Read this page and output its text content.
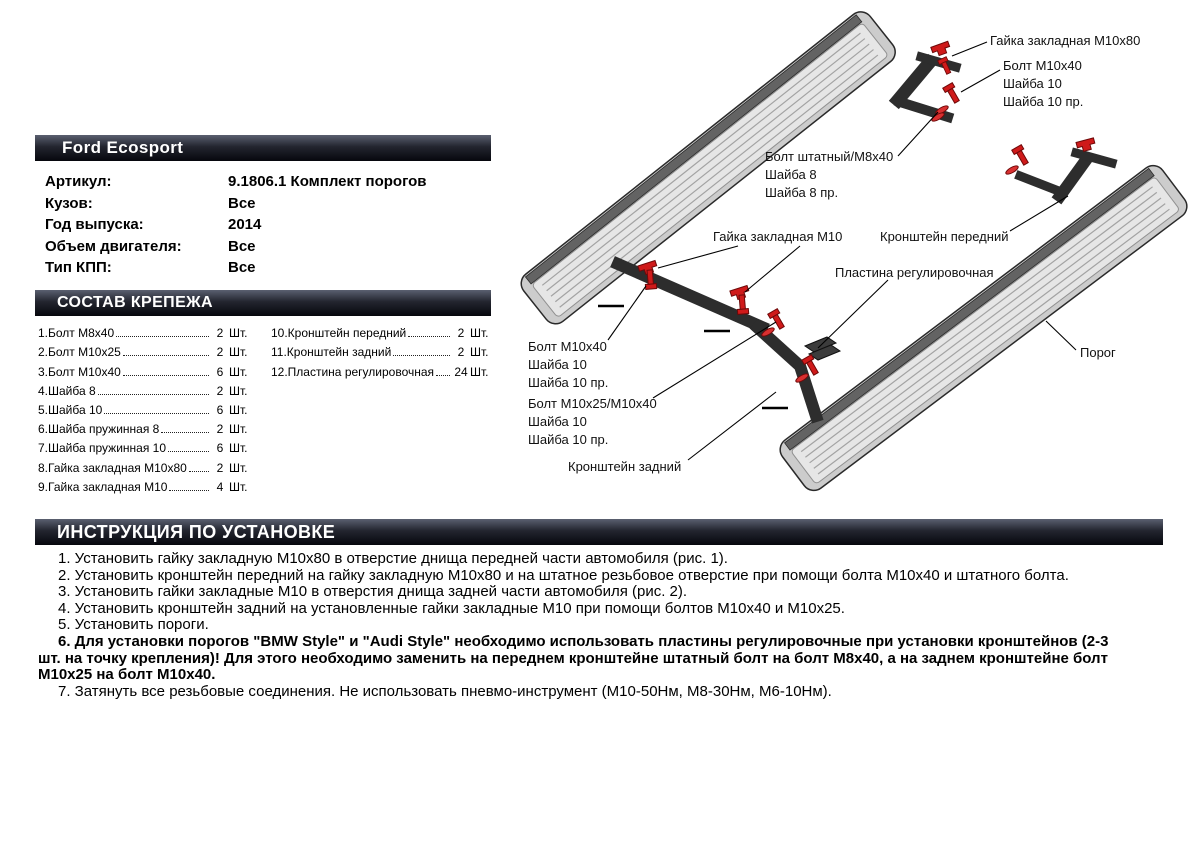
Ford Ecosport
Артикул:	9.1806.1 Комплект порогов
Кузов:	Все
Год выпуска:	2014
Объем двигателя:	Все
Тип КПП:	Все
СОСТАВ КРЕПЕЖА
1.Болт М8х40	2 Шт.
2.Болт М10х25	2 Шт.
3.Болт М10х40	6 Шт.
4.Шайба 8	2 Шт.
5.Шайба 10	6 Шт.
6.Шайба пружинная 8	2 Шт.
7.Шайба пружинная 10	6 Шт.
8.Гайка закладная М10х80	2 Шт.
9.Гайка закладная М10	4 Шт.
10.Кронштейн передний	2 Шт.
11.Кронштейн задний	2 Шт.
12.Пластина регулировочная 24 Шт.
Гайка закладная М10х80
Болт М10х40
Шайба 10
Шайба 10 пр.
Болт штатный/М8х40
Шайба 8
Шайба 8 пр.
Гайка закладная М10	Кронштейн передний
Пластина регулировочная
Болт М10х40
Шайба 10
Шайба 10 пр.
Болт М10х25/М10х40
Шайба 10
Шайба 10 пр.
Кронштейн задний
Порог
ИНСТРУКЦИЯ ПО УСТАНОВКЕ

1. Установить гайку закладную М10х80 в отверстие днища передней части автомобиля (рис. 1).

2. Установить кронштейн передний на гайку закладную М10х80 и на штатное резьбовое отверстие при помощи болта М10х40 и штатного болта.

3. Установить гайки закладные М10 в отверстия днища задней части автомобиля (рис. 2).

4. Установить кронштейн задний на установленные гайки закладные М10 при помощи болтов М10х40 и М10х25.

5. Установить пороги.

6. Для установки порогов "BMW Style" и "Audi Style" необходимо использовать пластины регулировочные при установки кронштейнов (2-3 шт. на точку крепления)! Для этого необходимо заменить на переднем кронштейне штатный болт на болт М8х40, а на заднем кронштейне болт М10х25 на болт М10х40.

7. Затянуть все резьбовые соединения. Не использовать пневмо-инструмент (М10-50Нм, М8-30Нм, М6-10Нм).
